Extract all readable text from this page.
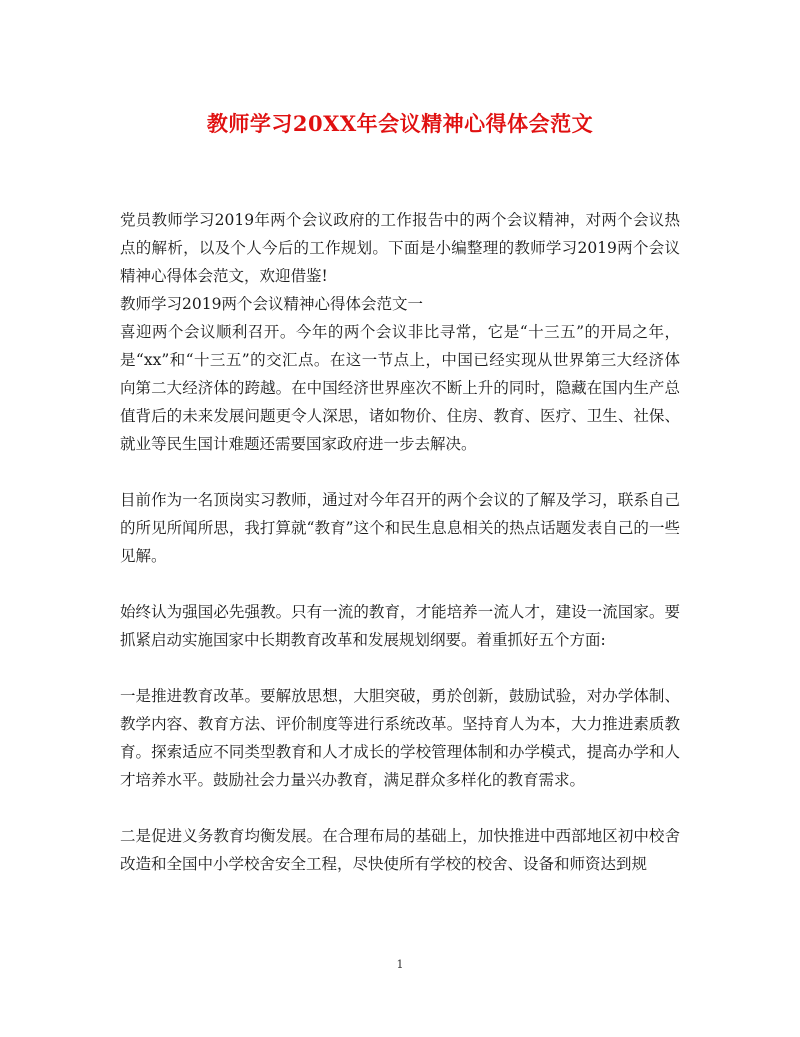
教师学习20XX年会议精神心得体会范文

党员教师学习2019年两个会议政府的工作报告中的两个会议精神，对两个会议热点的解析，以及个人今后的工作规划。下面是小编整理的教师学习2019两个会议精神心得体会范文，欢迎借鉴!

教师学习2019两个会议精神心得体会范文一

喜迎两个会议顺利召开。今年的两个会议非比寻常，它是“十三五”的开局之年，是“xx”和“十三五”的交汇点。在这一节点上，中国已经实现从世界第三大经济体向第二大经济体的跨越。在中国经济世界座次不断上升的同时，隐藏在国内生产总值背后的未来发展问题更令人深思，诸如物价、住房、教育、医疗、卫生、社保、就业等民生国计难题还需要国家政府进一步去解决。

目前作为一名顶岗实习教师，通过对今年召开的两个会议的了解及学习，联系自己的所见所闻所思，我打算就“教育”这个和民生息息相关的热点话题发表自己的一些见解。

始终认为强国必先强教。只有一流的教育，才能培养一流人才，建设一流国家。要抓紧启动实施国家中长期教育改革和发展规划纲要。着重抓好五个方面:

一是推进教育改革。要解放思想，大胆突破，勇於创新，鼓励试验，对办学体制、教学内容、教育方法、评价制度等进行系统改革。坚持育人为本，大力推进素质教育。探索适应不同类型教育和人才成长的学校管理体制和办学模式，提高办学和人才培养水平。鼓励社会力量兴办教育，满足群众多样化的教育需求。

二是促进义务教育均衡发展。在合理布局的基础上，加快推进中西部地区初中校舍改造和全国中小学校舍安全工程，尽快使所有学校的校舍、设备和师资达到规

1
